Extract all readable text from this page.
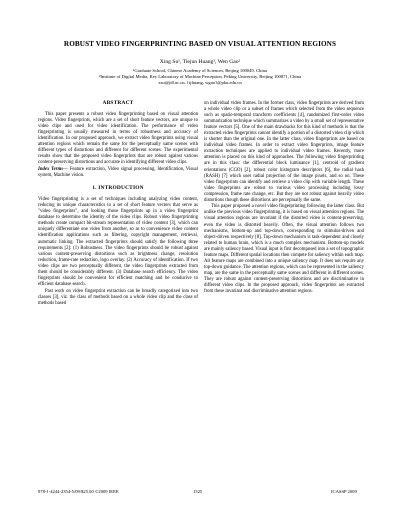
ROBUST VIDEO FINGERPRINTING BASED ON VISUAL ATTENTION REGIONS
Xing Su¹, Tiejun Huang², Wen Gao²
¹Graduate School, Chinese Academy of Sciences, Beijing 100049, China
²Institute of Digital Media, Key Laboratory of Machine Perception, Peking University, Beijing 100871, China
xsu@jdl.ac.cn, {tjhuang, wgao}@pku.edu.cn
ABSTRACT

This paper presents a robust video fingerprinting based on visual attention regions. Video fingerprints, which are a set of short feature vectors, are unique to video clips and used for video identification. The performance of video fingerprinting is usually measured in terms of robustness and accuracy of identification. In our proposed approach, we extract video fingerprints using visual attention regions which remain the same for the perceptually same scenes with different types of distortions and different for different scenes. The experimental results show that the proposed video fingerprints that are robust against various content-preserving distortions and accurate in identifying different video clips.

Index Terms— Feature extraction, Video signal processing, Identification, Visual system, Machine vision.

1. INTRODUCTION

Video fingerprinting is a set of techniques including analyzing video content, reducing its unique characteristics to a set of short feature vectors that serve as "video fingerprints", and looking those fingerprints up in a video fingerprint database to determine the identity of the video clips. Robust video fingerprinting methods create compact bit-stream representation of video content [3], which can uniquely differentiate one video from another, so as to convenience video content identification applications such as filtering, copyright management, retrieval, automatic linking. The extracted fingerprints should satisfy the following three requirements [2]: (1) Robustness. The video fingerprints should be robust against various content-preserving distortions such as brightness change, resolution reduction, frame-rate reduction, logo overlay. (2) Accuracy of identification. If two video clips are two perceptually different, the video fingerprints extracted from them should be considerably different. (3) Database search efficiency. The video fingerprints should be convenient for efficient matching and be conducive to efficient database search.

Past work on video fingerprint extraction can be broadly categorized into two classes [3], viz. the class of methods based on a whole video clip and the class of methods based

on individual video frames. In the former class, video fingerprints are derived from a whole video clip or a subset of frames which selected from the video sequence such as spatio-temporal transform coefficients [4], randomized first-order video summarization technique which summarizes a video by a small set of representative feature vectors [5]. One of the main drawbacks for this kind of methods is that the extracted video fingerprints cannot identify a portion of a distorted video clip which is shorter than the original one. In the latter class, video fingerprints are based on individual video frames. In order to extract video fingerprints, image feature extraction techniques are applied to individual video frames. Recently, more attention is placed on this kind of approaches. The following video fingerprinting are in this class: the differential block luminance [1], centroid of gradient orientations (CGO) [2], robust color histogram descriptors [6], the radial hash (RASH) [7] which uses radial projection of the image pixels, and so on. These video fingerprints can identify and retrieve a video clip with variable length. These video fingerprints are robust to various video processing including lossy compression, frame rate change, etc. But they are not robust against heavily video distortions though these distortions are perceptually the same.

This paper proposed a novel video fingerprinting following the latter class. But unlike the previous video fingerprinting, it is based on visual attention regions. The visual attention regions are invariant if the distorted video is content-preserving, even the video is distorted heavily. Often, the visual attention follows two mechanisms, bottom-up and top-down, corresponding to stimulus-driven and object-driven respectively [8]. Top-down mechanism is task-dependent and closely related to human brain, which is a much complex mechanism. Bottom-up models are mainly saliency based. Visual input is first decomposed into a set of topographic feature maps. Different spatial locations then compete for saliency within each map. All feature maps are combined into a unique saliency map. It does not require any top-down guidance. The attention regions, which can be represented in the saliency map, are the same in the perceptually same scenes and different in different scenes. They are robust against content-preserving distortions and are discriminative in different video clips. In the proposed approach, video fingerprints are extracted from these invariant and discriminative attention regions.

978-1-4244-2354-5/09/$25.00 ©2009 IEEE	1525	ICASSP 2009
